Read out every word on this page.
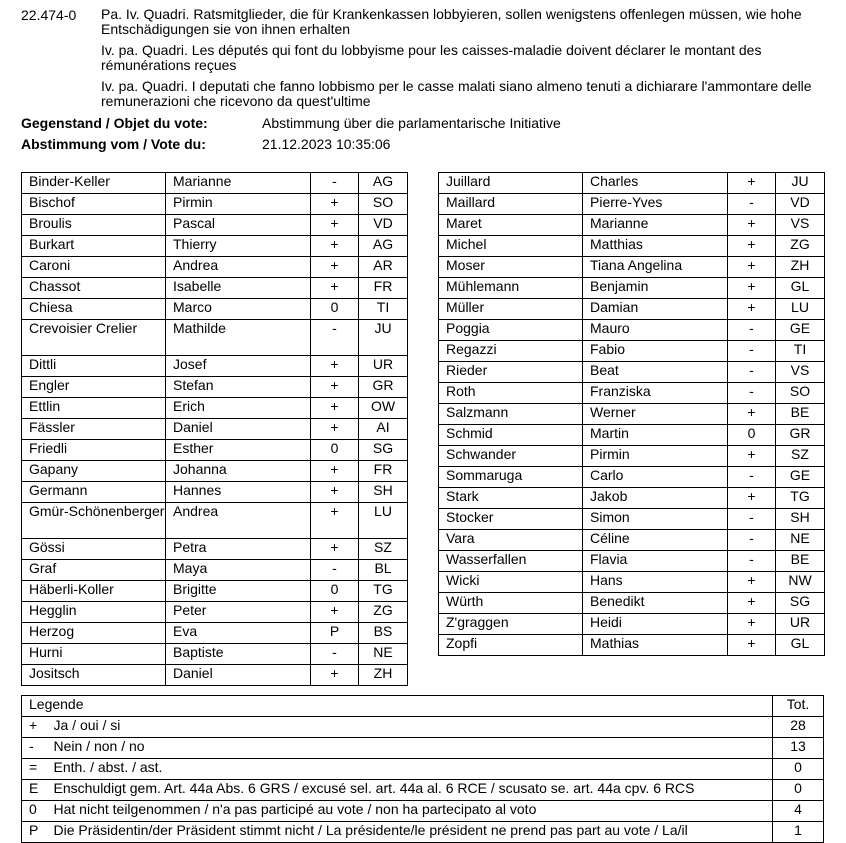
22.474-0 Pa. Iv. Quadri. Ratsmitglieder, die für Krankenkassen lobbyieren, sollen wenigstens offenlegen müssen, wie hohe Entschädigungen sie von ihnen erhalten
Iv. pa. Quadri. Les députés qui font du lobbyisme pour les caisses-maladie doivent déclarer le montant des rémunérations reçues
Iv. pa. Quadri. I deputati che fanno lobbismo per le casse malati siano almeno tenuti a dichiarare l'ammontare delle remunerazioni che ricevono da quest'ultime
Gegenstand / Objet du vote:	Abstimmung über die parlamentarische Initiative
Abstimmung vom / Vote du:	21.12.2023 10:35:06
Binder-Keller	Marianne	-	AG
Bischof	Pirmin	+	SO
Broulis	Pascal	+	VD
Burkart	Thierry	+	AG
Caroni	Andrea	+	AR
Chassot	Isabelle	+	FR
Chiesa	Marco	0	TI
Crevoisier Crelier	Mathilde	-	JU
Dittli	Josef	+	UR
Engler	Stefan	+	GR
Ettlin	Erich	+	OW
Fässler	Daniel	+	AI
Friedli	Esther	0	SG
Gapany	Johanna	+	FR
Germann	Hannes	+	SH
Gmür-Schönenberger	Andrea	+	LU
Gössi	Petra	+	SZ
Graf	Maya	-	BL
Häberli-Koller	Brigitte	0	TG
Hegglin	Peter	+	ZG
Herzog	Eva	P	BS
Hurni	Baptiste	-	NE
Jositsch	Daniel	+	ZH
Juillard	Charles	+	JU
Maillard	Pierre-Yves	-	VD
Maret	Marianne	+	VS
Michel	Matthias	+	ZG
Moser	Tiana Angelina	+	ZH
Mühlemann	Benjamin	+	GL
Müller	Damian	+	LU
Poggia	Mauro	-	GE
Regazzi	Fabio	-	TI
Rieder	Beat	-	VS
Roth	Franziska	-	SO
Salzmann	Werner	+	BE
Schmid	Martin	0	GR
Schwander	Pirmin	+	SZ
Sommaruga	Carlo	-	GE
Stark	Jakob	+	TG
Stocker	Simon	-	SH
Vara	Céline	-	NE
Wasserfallen	Flavia	-	BE
Wicki	Hans	+	NW
Würth	Benedikt	+	SG
Z'graggen	Heidi	+	UR
Zopfi	Mathias	+	GL
Legende		Tot.
+	Ja / oui / si	28
-	Nein / non / no	13
=	Enth. / abst. / ast.	0
E	Enschuldigt gem. Art. 44a Abs. 6 GRS / excusé sel. art. 44a al. 6 RCE / scusato se. art. 44a cpv. 6 RCS	0
0	Hat nicht teilgenommen / n'a pas participé au vote / non ha partecipato al voto	4
P	Die Präsidentin/der Präsident stimmt nicht / La présidente/le président ne prend pas part au vote / La/il	1
